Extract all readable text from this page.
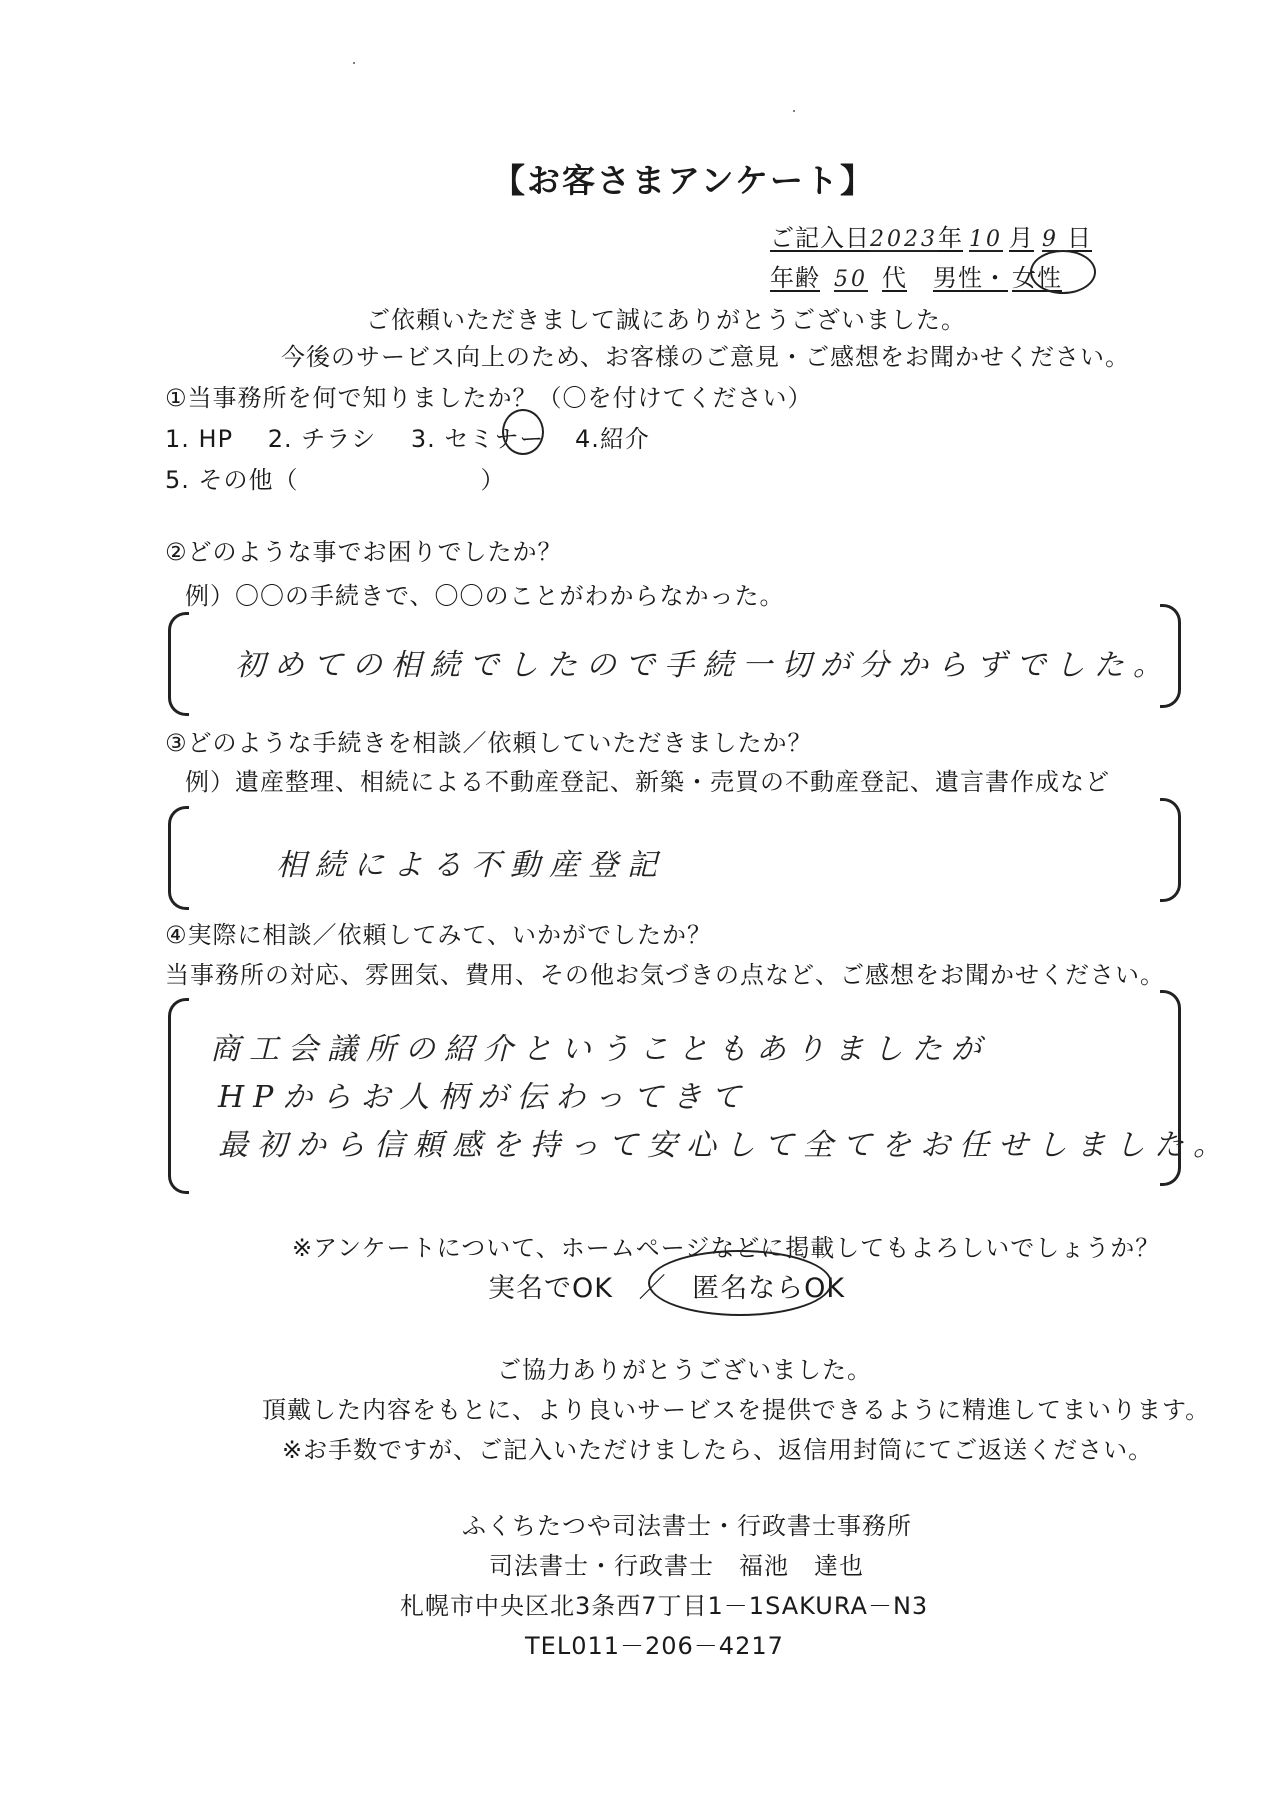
【お客さまアンケート】
ご記入日2023年 10 月 9 日
年齢 50 代 男性・ 女性
ご依頼いただきまして誠にありがとうございました。
今後のサービス向上のため、お客様のご意見・ご感想をお聞かせください。
①当事務所を何で知りましたか？（〇を付けてください）
1. HP 2. チラシ 3. セミナー 4.紹介
5. その他（	）
②どのような事でお困りでしたか？
例）〇〇の手続きで、〇〇のことがわからなかった。
初めての相続でしたので手続一切が分からずでした。
③どのような手続きを相談／依頼していただきましたか？
例）遺産整理、相続による不動産登記、新築・売買の不動産登記、遺言書作成など
相続による不動産登記
④実際に相談／依頼してみて、いかがでしたか？
当事務所の対応、雰囲気、費用、その他お気づきの点など、ご感想をお聞かせください。
商工会議所の紹介ということもありましたが
HPからお人柄が伝わってきて
最初から信頼感を持って安心して全てをお任せしました。
※アンケートについて、ホームページなどに掲載してもよろしいでしょうか？
実名でOK ／ 匿名ならOK
ご協力ありがとうございました。
頂戴した内容をもとに、より良いサービスを提供できるように精進してまいります。
※お手数ですが、ご記入いただけましたら、返信用封筒にてご返送ください。
ふくちたつや司法書士・行政書士事務所
司法書士・行政書士　福池　達也
札幌市中央区北3条西7丁目1－1SAKURA－N3
TEL011－206－4217
